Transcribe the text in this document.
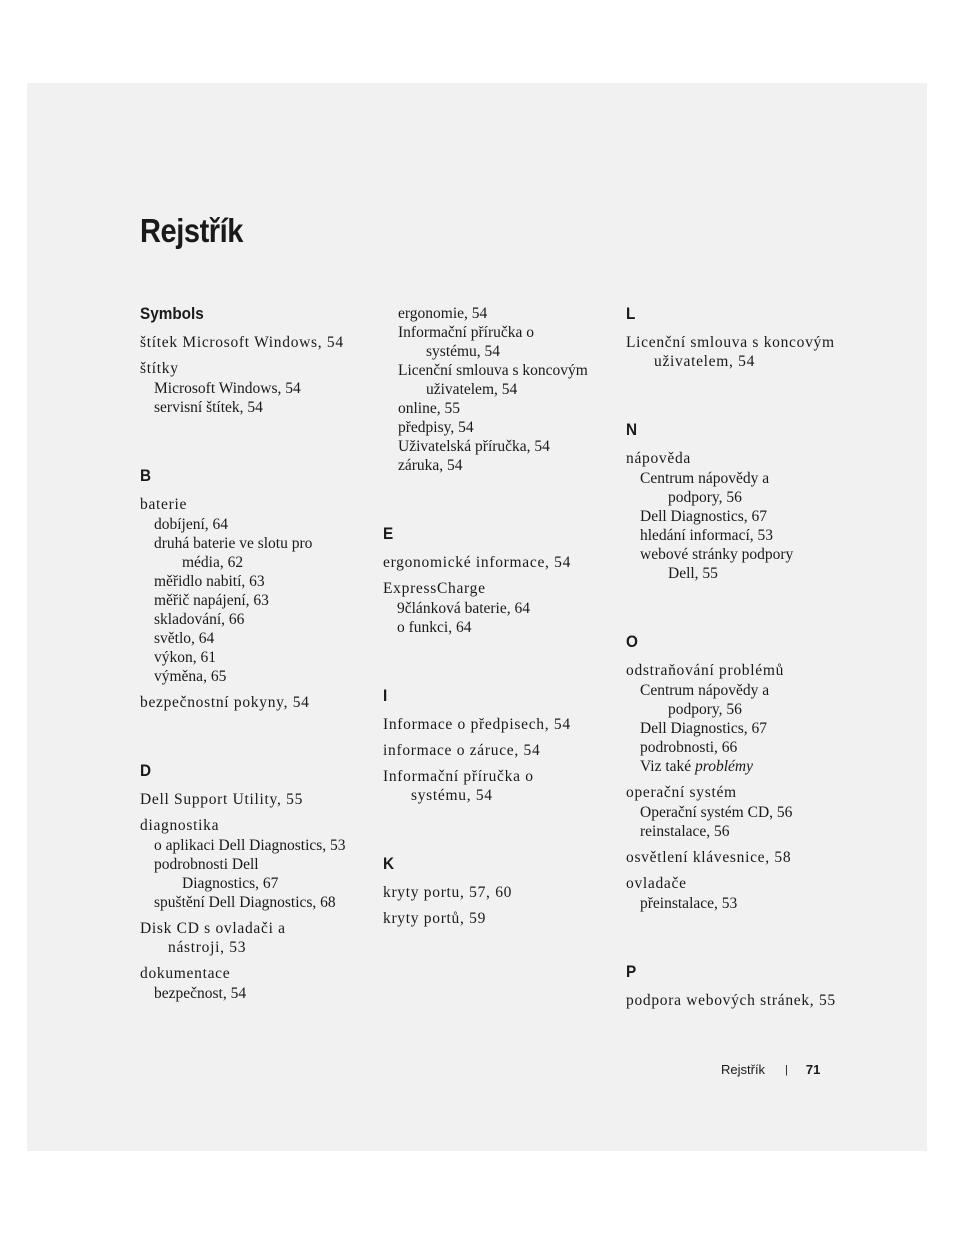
Rejstřík
Symbols
štítek Microsoft Windows, 54
štítky
Microsoft Windows, 54
servisní štítek, 54
B
baterie
dobíjení, 64
druhá baterie ve slotu pro
média, 62
měřidlo nabití, 63
měřič napájení, 63
skladování, 66
světlo, 64
výkon, 61
výměna, 65
bezpečnostní pokyny, 54
D
Dell Support Utility, 55
diagnostika
o aplikaci Dell Diagnostics, 53
podrobnosti Dell
Diagnostics, 67
spuštění Dell Diagnostics, 68
Disk CD s ovladači a
nástroji, 53
dokumentace
bezpečnost, 54
ergonomie, 54
Informační příručka o
systému, 54
Licenční smlouva s koncovým
uživatelem, 54
online, 55
předpisy, 54
Uživatelská příručka, 54
záruka, 54
E
ergonomické informace, 54
ExpressCharge
9článková baterie, 64
o funkci, 64
I
Informace o předpisech, 54
informace o záruce, 54
Informační příručka o
systému, 54
K
kryty portu, 57, 60
kryty portů, 59
L
Licenční smlouva s koncovým
uživatelem, 54
N
nápověda
Centrum nápovědy a
podpory, 56
Dell Diagnostics, 67
hledání informací, 53
webové stránky podpory
Dell, 55
O
odstraňování problémů
Centrum nápovědy a
podpory, 56
Dell Diagnostics, 67
podrobnosti, 66
Viz také problémy
operační systém
Operační systém CD, 56
reinstalace, 56
osvětlení klávesnice, 58
ovladače
přeinstalace, 53
P
podpora webových stránek, 55
Rejstřík | 71
